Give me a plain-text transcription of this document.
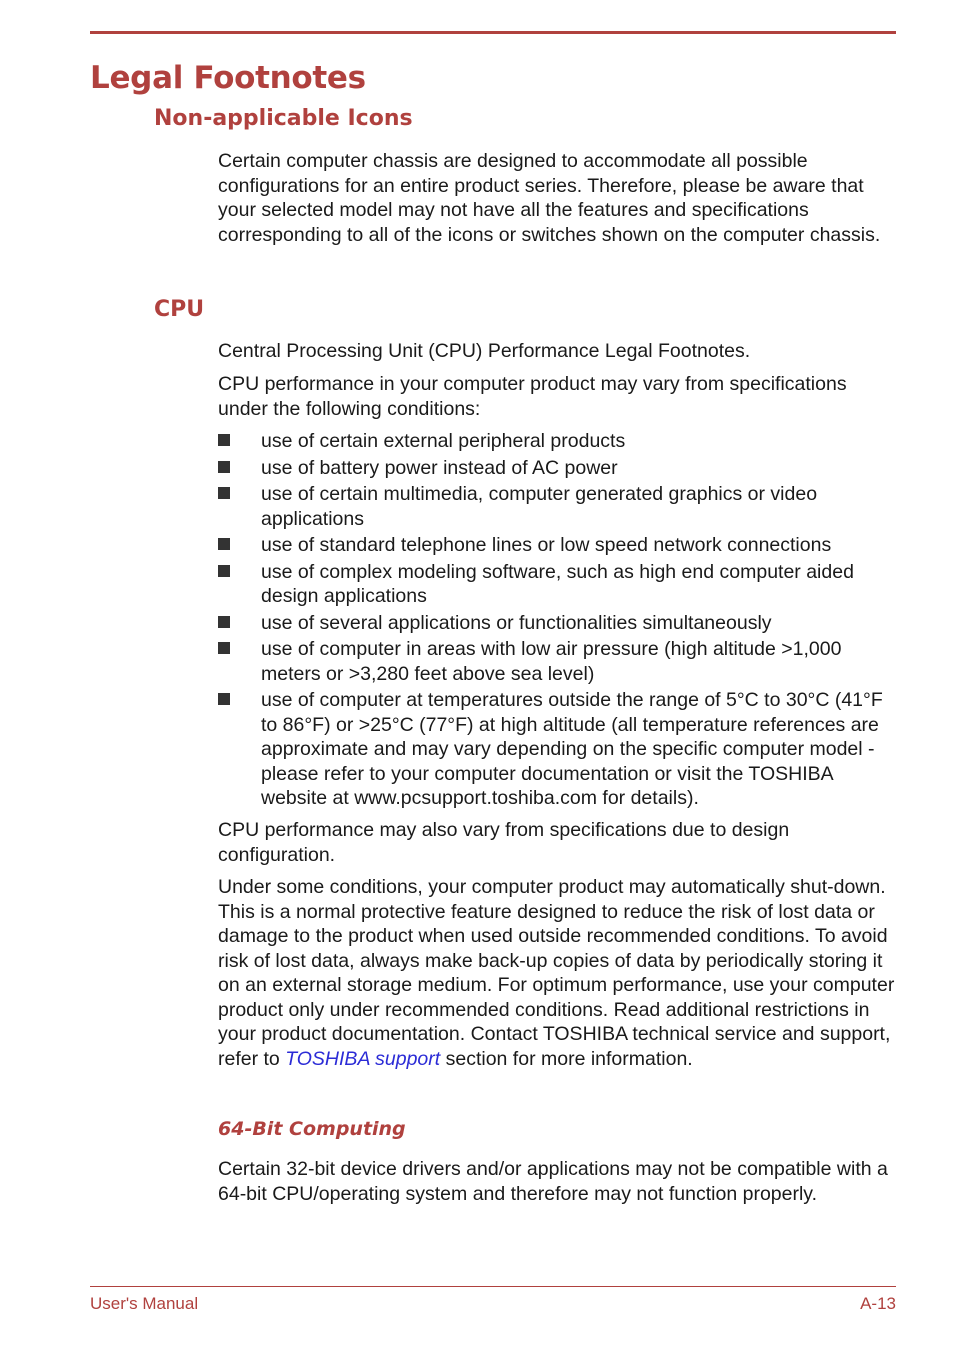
Legal Footnotes
Non-applicable Icons

Certain computer chassis are designed to accommodate all possible configurations for an entire product series. Therefore, please be aware that your selected model may not have all the features and specifications corresponding to all of the icons or switches shown on the computer chassis.

CPU

Central Processing Unit (CPU) Performance Legal Footnotes.

CPU performance in your computer product may vary from specifications under the following conditions:

use of certain external peripheral products
use of battery power instead of AC power
use of certain multimedia, computer generated graphics or video applications
use of standard telephone lines or low speed network connections
use of complex modeling software, such as high end computer aided design applications
use of several applications or functionalities simultaneously
use of computer in areas with low air pressure (high altitude >1,000 meters or >3,280 feet above sea level)
use of computer at temperatures outside the range of 5°C to 30°C (41°F to 86°F) or >25°C (77°F) at high altitude (all temperature references are approximate and may vary depending on the specific computer model - please refer to your computer documentation or visit the TOSHIBA website at www.pcsupport.toshiba.com for details).

CPU performance may also vary from specifications due to design configuration.

Under some conditions, your computer product may automatically shut-down. This is a normal protective feature designed to reduce the risk of lost data or damage to the product when used outside recommended conditions. To avoid risk of lost data, always make back-up copies of data by periodically storing it on an external storage medium. For optimum performance, use your computer product only under recommended conditions. Read additional restrictions in your product documentation. Contact TOSHIBA technical service and support, refer to TOSHIBA support section for more information.

64-Bit Computing

Certain 32-bit device drivers and/or applications may not be compatible with a 64-bit CPU/operating system and therefore may not function properly.

User's Manual	A-13
